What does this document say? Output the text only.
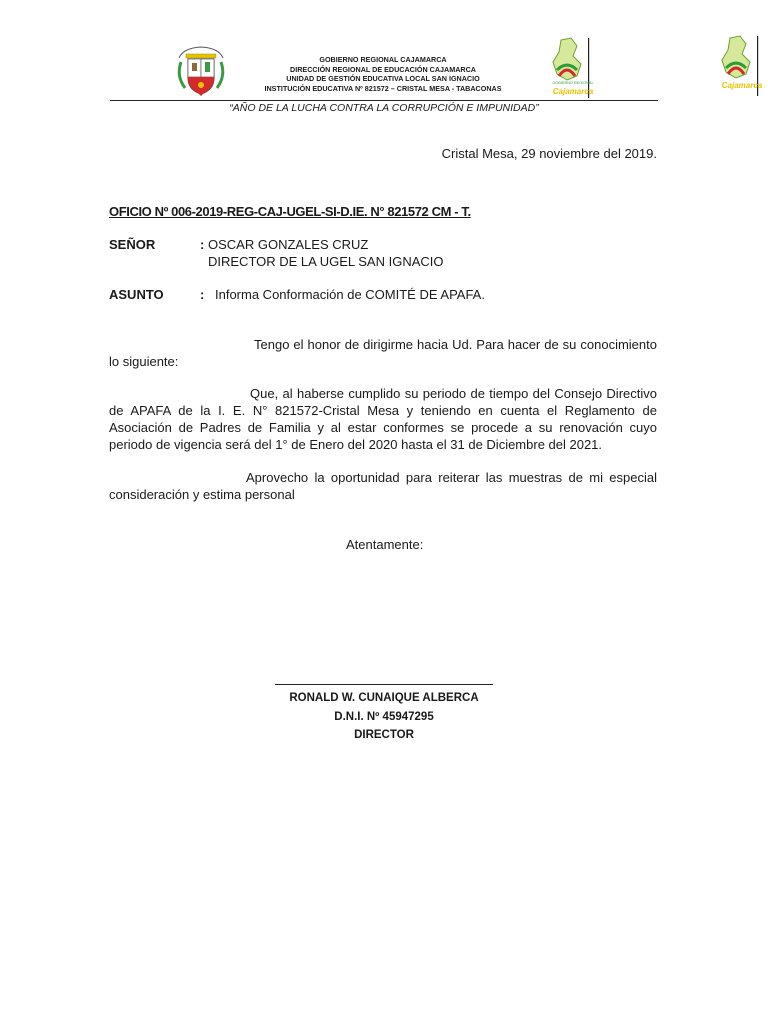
GOBIERNO REGIONAL CAJAMARCA
DIRECCIÓN REGIONAL DE EDUCACIÓN CAJAMARCA
UNIDAD DE GESTIÓN EDUCATIVA LOCAL SAN IGNACIO
INSTITUCIÓN EDUCATIVA Nº 821572 – CRISTAL MESA - TABACONAS
GOBIERNO REGIONAL
Cajamarca
Cajamarca
“AÑO DE LA LUCHA CONTRA LA CORRUPCIÓN E IMPUNIDAD”
Cristal Mesa, 29 noviembre del 2019.
OFICIO Nº 006-2019-REG-CAJ-UGEL-SI-D.IE. N° 821572 CM - T.
SEÑOR	: OSCAR GONZALES CRUZ
DIRECTOR DE LA UGEL SAN IGNACIO
ASUNTO	: Informa Conformación de COMITÉ DE APAFA.
Tengo el honor de dirigirme hacia Ud. Para hacer de su conocimiento lo siguiente:
Que, al haberse cumplido su periodo de tiempo del Consejo Directivo de APAFA de la I. E. N° 821572-Cristal Mesa y teniendo en cuenta el Reglamento de Asociación de Padres de Familia y al estar conformes se procede a su renovación cuyo periodo de vigencia será del 1° de Enero del 2020 hasta el 31 de Diciembre del 2021.
Aprovecho la oportunidad para reiterar las muestras de mi especial consideración y estima personal
Atentamente:
RONALD W. CUNAIQUE ALBERCA
D.N.I. Nº 45947295
DIRECTOR
